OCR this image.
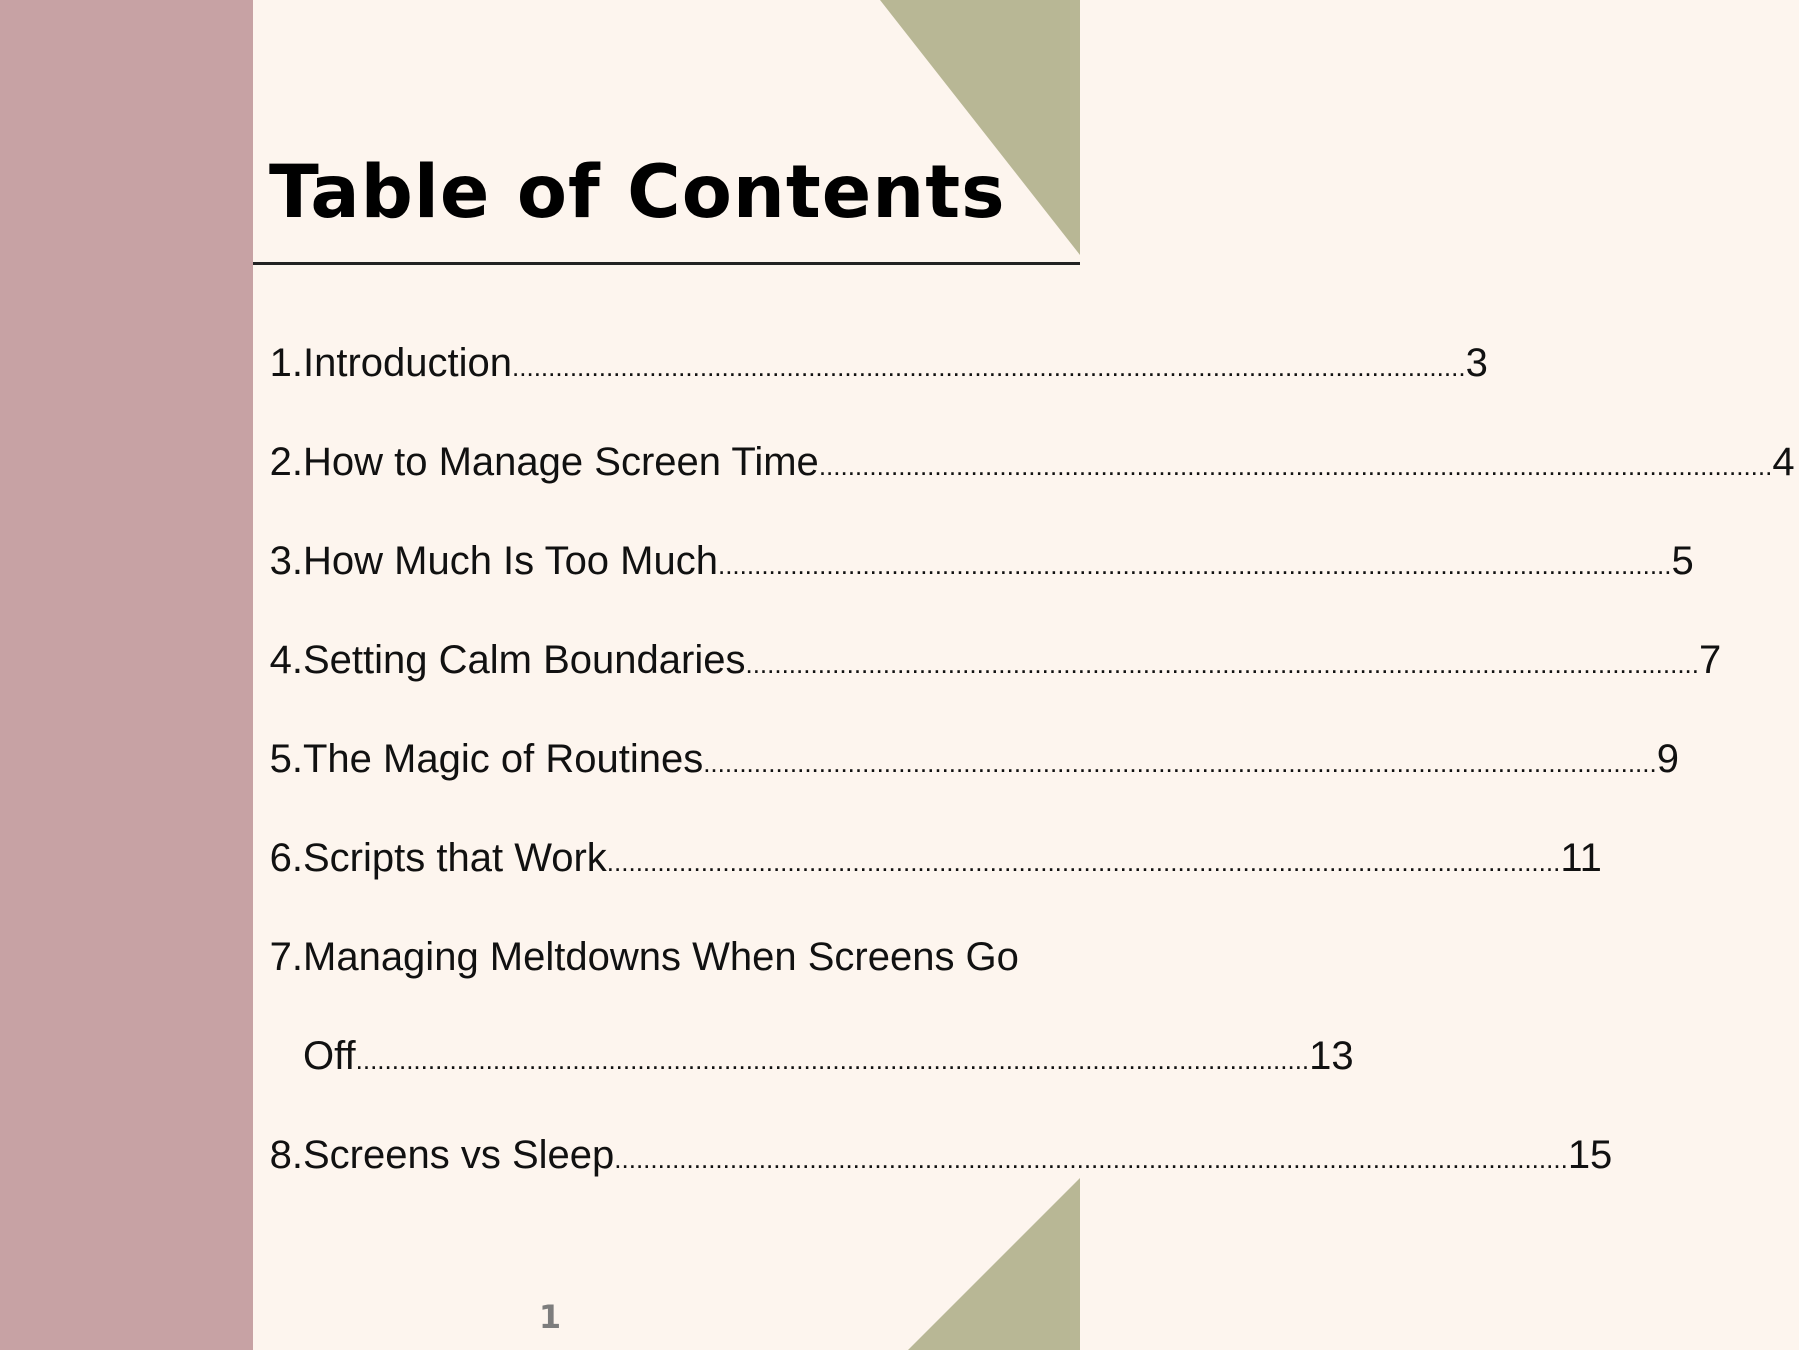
Table of Contents
1. Introduction .................................................................................................................................... 3
2. How to Manage Screen Time .................................................................................................................................... 4
3. How Much Is Too Much .................................................................................................................................... 5
4. Setting Calm Boundaries .................................................................................................................................... 7
5. The Magic of Routines .................................................................................................................................... 9
6. Scripts that Work .................................................................................................................................... 11
7. Managing Meltdowns When Screens Go
Off .................................................................................................................................... 13
8. Screens vs Sleep .................................................................................................................................... 15
1
